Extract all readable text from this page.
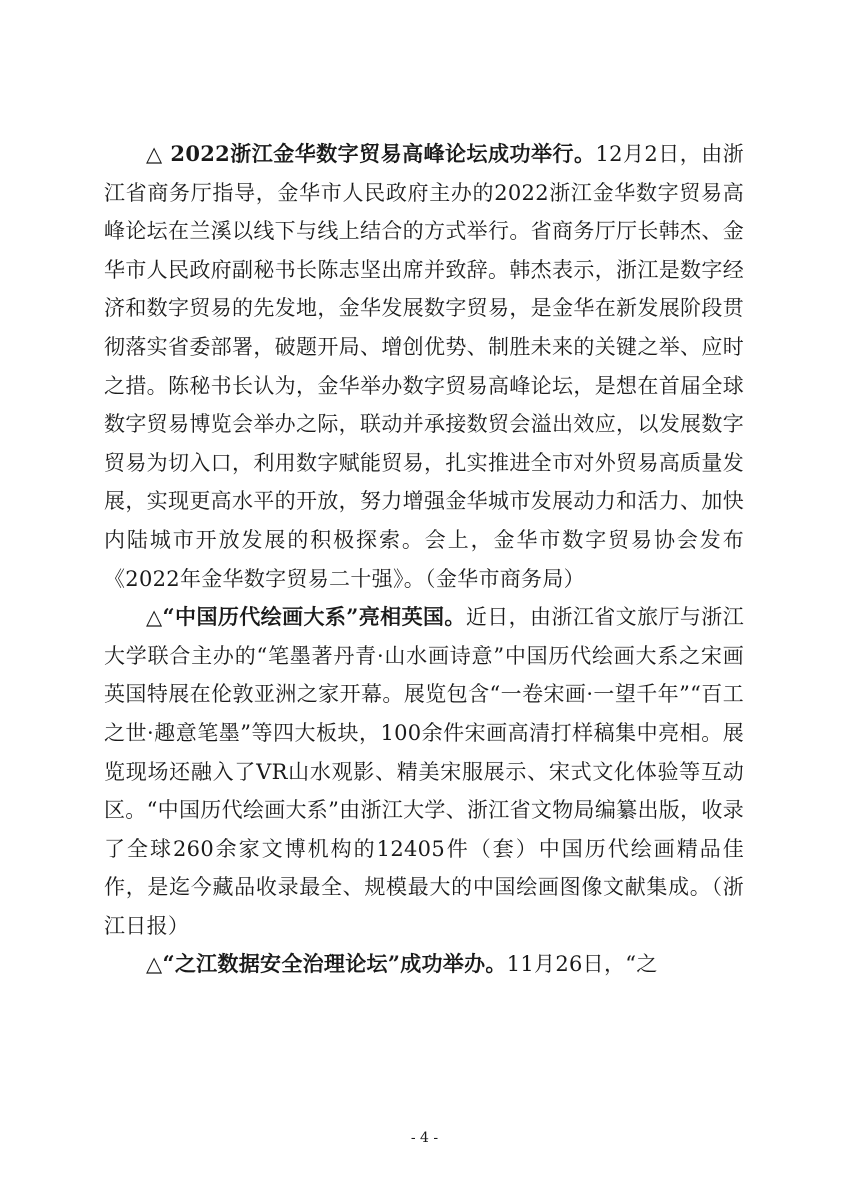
△ 2022浙江金华数字贸易高峰论坛成功举行。12月2日，由浙江省商务厅指导，金华市人民政府主办的2022浙江金华数字贸易高峰论坛在兰溪以线下与线上结合的方式举行。省商务厅厅长韩杰、金华市人民政府副秘书长陈志坚出席并致辞。韩杰表示，浙江是数字经济和数字贸易的先发地，金华发展数字贸易，是金华在新发展阶段贯彻落实省委部署，破题开局、增创优势、制胜未来的关键之举、应时之措。陈秘书长认为，金华举办数字贸易高峰论坛，是想在首届全球数字贸易博览会举办之际，联动并承接数贸会溢出效应，以发展数字贸易为切入口，利用数字赋能贸易，扎实推进全市对外贸易高质量发展，实现更高水平的开放，努力增强金华城市发展动力和活力、加快内陆城市开放发展的积极探索。会上，金华市数字贸易协会发布《2022年金华数字贸易二十强》。（金华市商务局）

△“中国历代绘画大系”亮相英国。近日，由浙江省文旅厅与浙江大学联合主办的“笔墨著丹青·山水画诗意”中国历代绘画大系之宋画英国特展在伦敦亚洲之家开幕。展览包含“一卷宋画·一望千年”“百工之世·趣意笔墨”等四大板块，100余件宋画高清打样稿集中亮相。展览现场还融入了VR山水观影、精美宋服展示、宋式文化体验等互动区。“中国历代绘画大系”由浙江大学、浙江省文物局编纂出版，收录了全球260余家文博机构的12405件（套）中国历代绘画精品佳作，是迄今藏品收录最全、规模最大的中国绘画图像文献集成。（浙江日报）

△“之江数据安全治理论坛”成功举办。11月26日，“之

- 4 -
